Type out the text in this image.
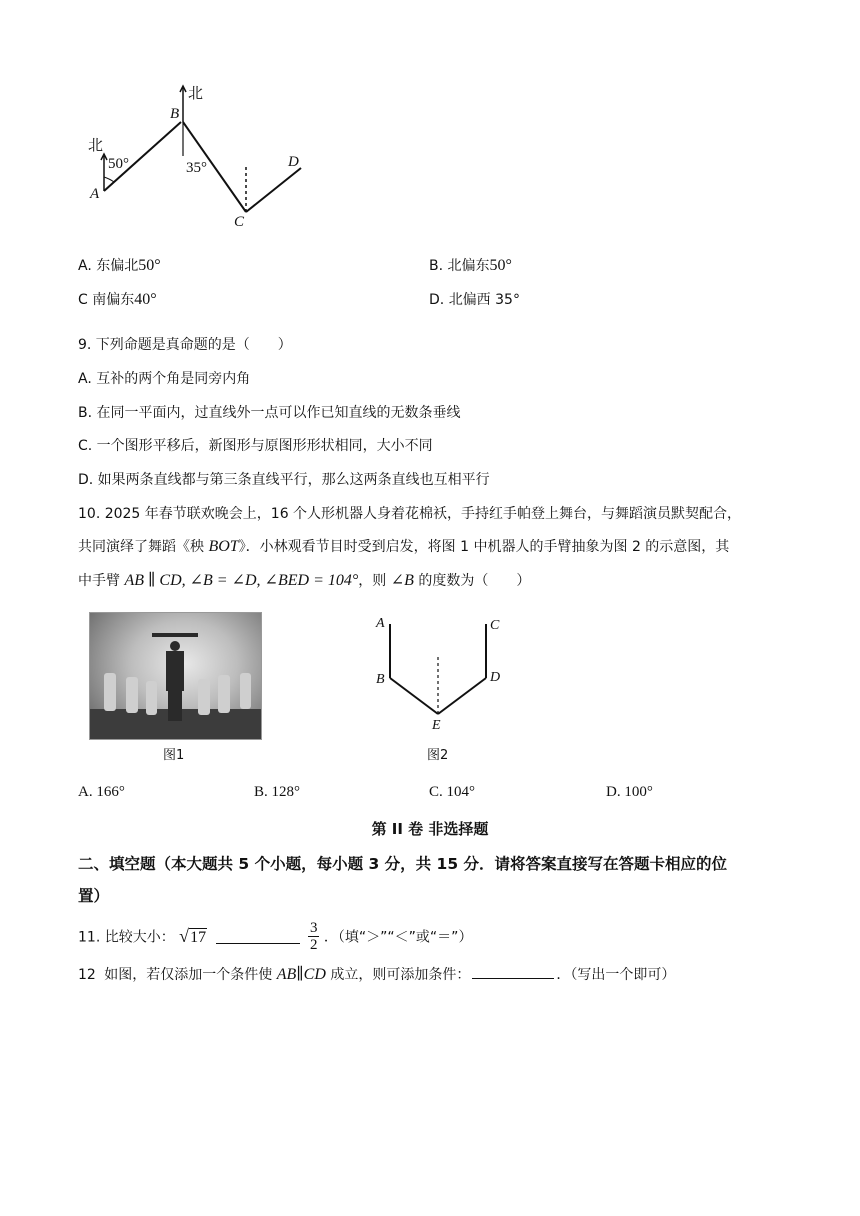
北
北
50°	35°
A
B
C
D
A. 东偏北50°	B. 北偏东50°
C 南偏东40°	D. 北偏西 35°
9. 下列命题是真命题的是（　　）
A. 互补的两个角是同旁内角
B. 在同一平面内，过直线外一点可以作已知直线的无数条垂线
C. 一个图形平移后，新图形与原图形形状相同，大小不同
D. 如果两条直线都与第三条直线平行，那么这两条直线也互相平行
10. 2025 年春节联欢晚会上，16 个人形机器人身着花棉袄，手持红手帕登上舞台，与舞蹈演员默契配合，
共同演绎了舞蹈《秧 BOT》．小林观看节目时受到启发，将图 1 中机器人的手臂抽象为图 2 的示意图，其
中手臂 AB ∥ CD, ∠B = ∠D, ∠BED = 104°，则 ∠B 的度数为（　　）
图1
A
B
C
D
E
图2
A. 166°	B. 128°	C. 104°	D. 100°
第 II 卷 非选择题
二、填空题（本大题共 5 个小题，每小题 3 分，共 15 分．请将答案直接写在答题卡相应的位
置）
11. 比较大小： √17	$\frac{3}{2}$ ．（填“＞”“＜”或“＝”）
12 如图，若仅添加一个条件使 AB∥CD 成立，则可添加条件：	．（写出一个即可）
